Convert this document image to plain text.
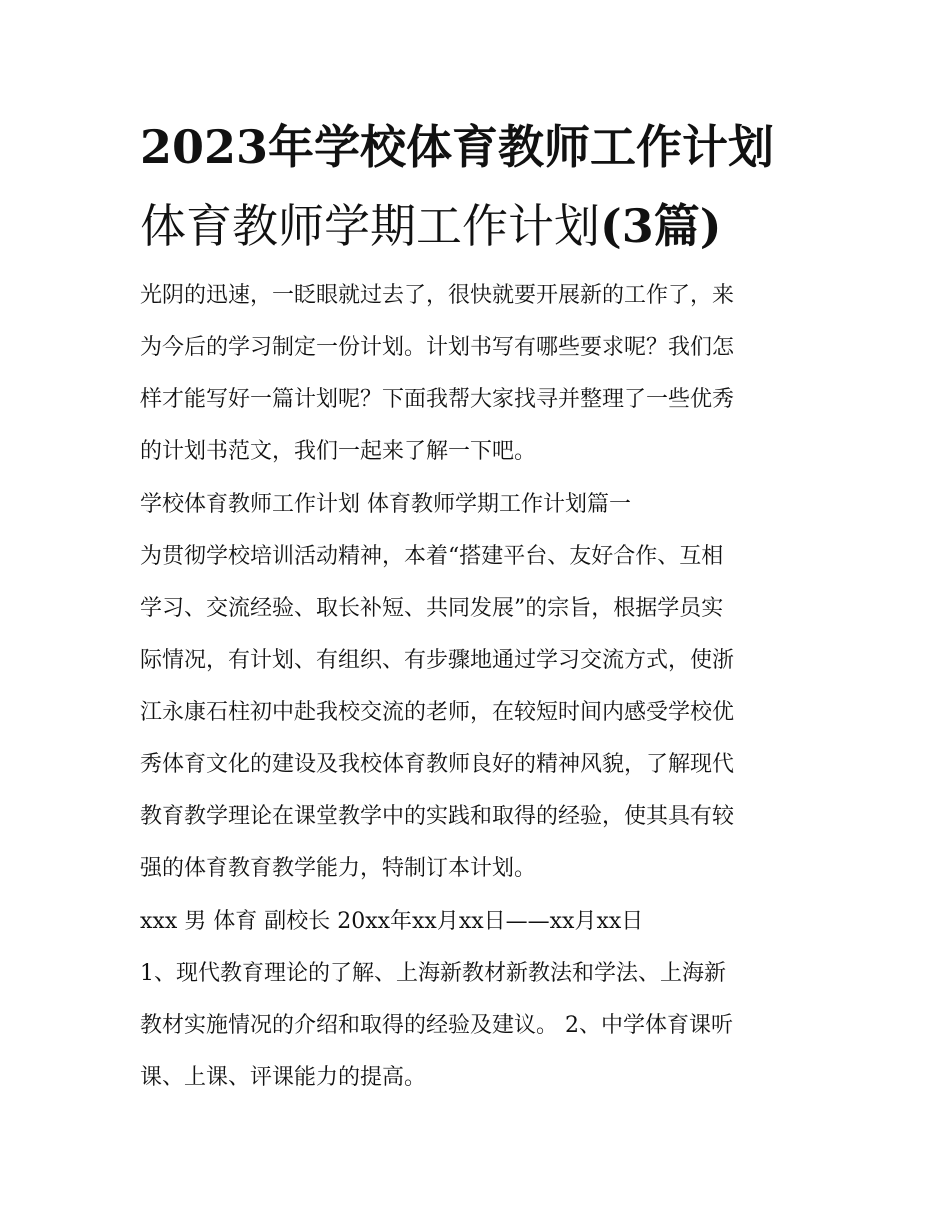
2023年学校体育教师工作计划
体育教师学期工作计划(3篇)

光阴的迅速，一眨眼就过去了，很快就要开展新的工作了，来
为今后的学习制定一份计划。计划书写有哪些要求呢？我们怎
样才能写好一篇计划呢？下面我帮大家找寻并整理了一些优秀
的计划书范文，我们一起来了解一下吧。

学校体育教师工作计划 体育教师学期工作计划篇一

为贯彻学校培训活动精神，本着“搭建平台、友好合作、互相
学习、交流经验、取长补短、共同发展”的宗旨，根据学员实
际情况，有计划、有组织、有步骤地通过学习交流方式，使浙
江永康石柱初中赴我校交流的老师，在较短时间内感受学校优
秀体育文化的建设及我校体育教师良好的精神风貌，了解现代
教育教学理论在课堂教学中的实践和取得的经验，使其具有较
强的体育教育教学能力，特制订本计划。

xxx 男 体育 副校长 20xx年xx月xx日——xx月xx日

1、现代教育理论的了解、上海新教材新教法和学法、上海新
教材实施情况的介绍和取得的经验及建议。 2、中学体育课听
课、上课、评课能力的提高。
